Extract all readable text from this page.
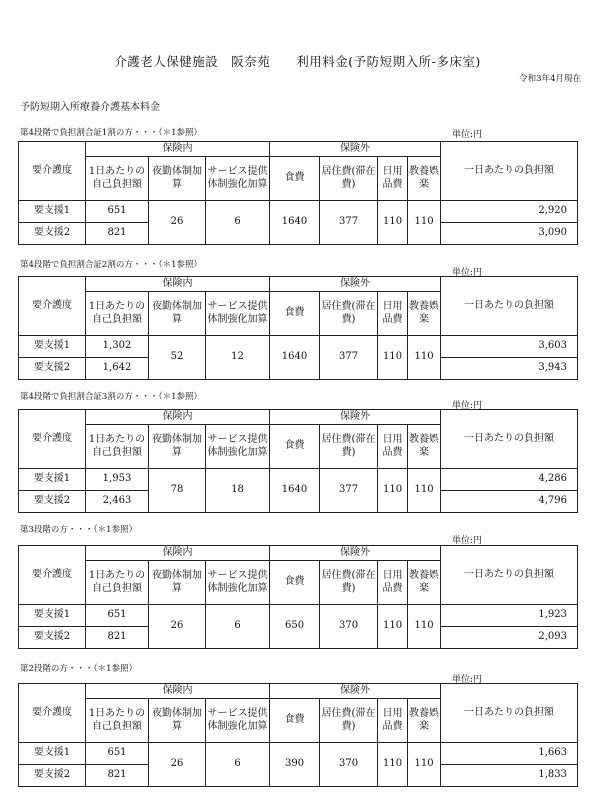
介護老人保健施設　阪奈苑　　利用料金(予防短期入所-多床室)
令和3年4月現在
予防短期入所療養介護基本料金
第4段階で負担割合証1割の方・・・（＊1参照）	単位:円
要介護度	保険内			保険外				一日あたりの負担額
	1日あたりの自己負担額	夜勤体制加算	サービス提供体制強化加算	食費	居住費(滞在費)	日用品費	教養娯楽	
要支援1	651	26	6	1640	377	110	110	2,920
要支援2	821							3,090
第4段階で負担割合証2割の方・・・（＊1参照）
単位:円
要介護度	保険内			保険外				一日あたりの負担額
	1日あたりの自己負担額	夜勤体制加算	サービス提供体制強化加算	食費	居住費(滞在費)	日用品費	教養娯楽	
要支援1	1,302	52	12	1640	377	110	110	3,603
要支援2	1,642							3,943
第4段階で負担割合証3割の方・・・（＊1参照）
単位:円
要介護度	保険内			保険外				一日あたりの負担額
	1日あたりの自己負担額	夜勤体制加算	サービス提供体制強化加算	食費	居住費(滞在費)	日用品費	教養娯楽	
要支援1	1,953	78	18	1640	377	110	110	4,286
要支援2	2,463							4,796
第3段階の方・・・（＊1参照）
単位:円
要介護度	保険内			保険外				一日あたりの負担額
	1日あたりの自己負担額	夜勤体制加算	サービス提供体制強化加算	食費	居住費(滞在費)	日用品費	教養娯楽	
要支援1	651	26	6	650	370	110	110	1,923
要支援2	821							2,093
第2段階の方・・・（＊1参照）
単位:円
要介護度	保険内			保険外				一日あたりの負担額
	1日あたりの自己負担額	夜勤体制加算	サービス提供体制強化加算	食費	居住費(滞在費)	日用品費	教養娯楽	
要支援1	651	26	6	390	370	110	110	1,663
要支援2	821							1,833
